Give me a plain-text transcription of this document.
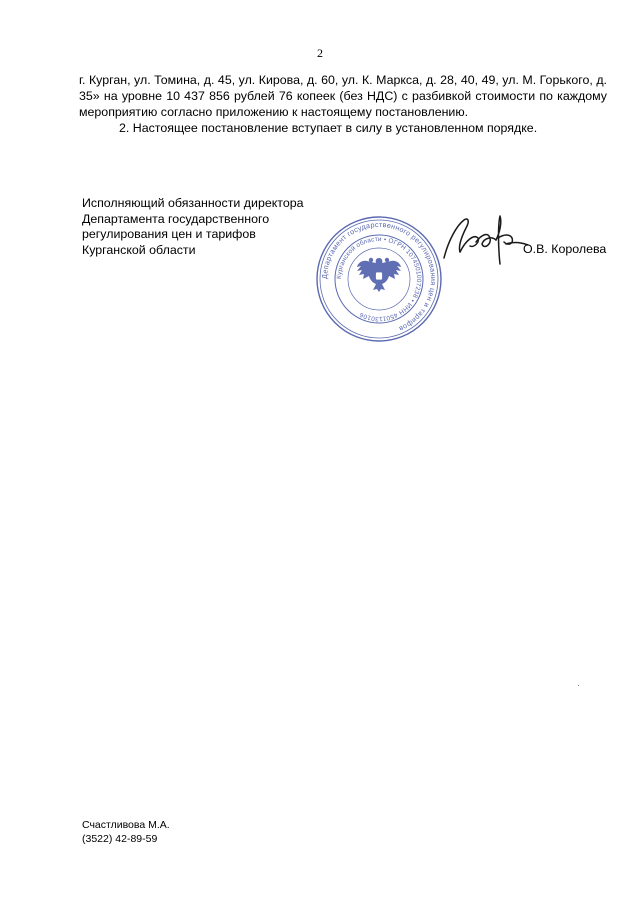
2

г. Курган, ул. Томина, д. 45, ул. Кирова, д. 60, ул. К. Маркса, д. 28, 40, 49, ул. М. Горького, д. 35» на уровне 10 437 856 рублей 76 копеек (без НДС) с разбивкой стоимости по каждому мероприятию согласно приложению к настоящему постановлению.

2. Настоящее постановление вступает в силу в установленном порядке.

Исполняющий обязанности директора
Департамента государственного
регулирования цен и тарифов
Курганской области
Департамент государственного регулирования цен и тарифов
Курганской области • ОГРН 1074501007238 • ИНН 4501130106
О.В. Королева
Счастливова М.А.
(3522) 42-89-59
